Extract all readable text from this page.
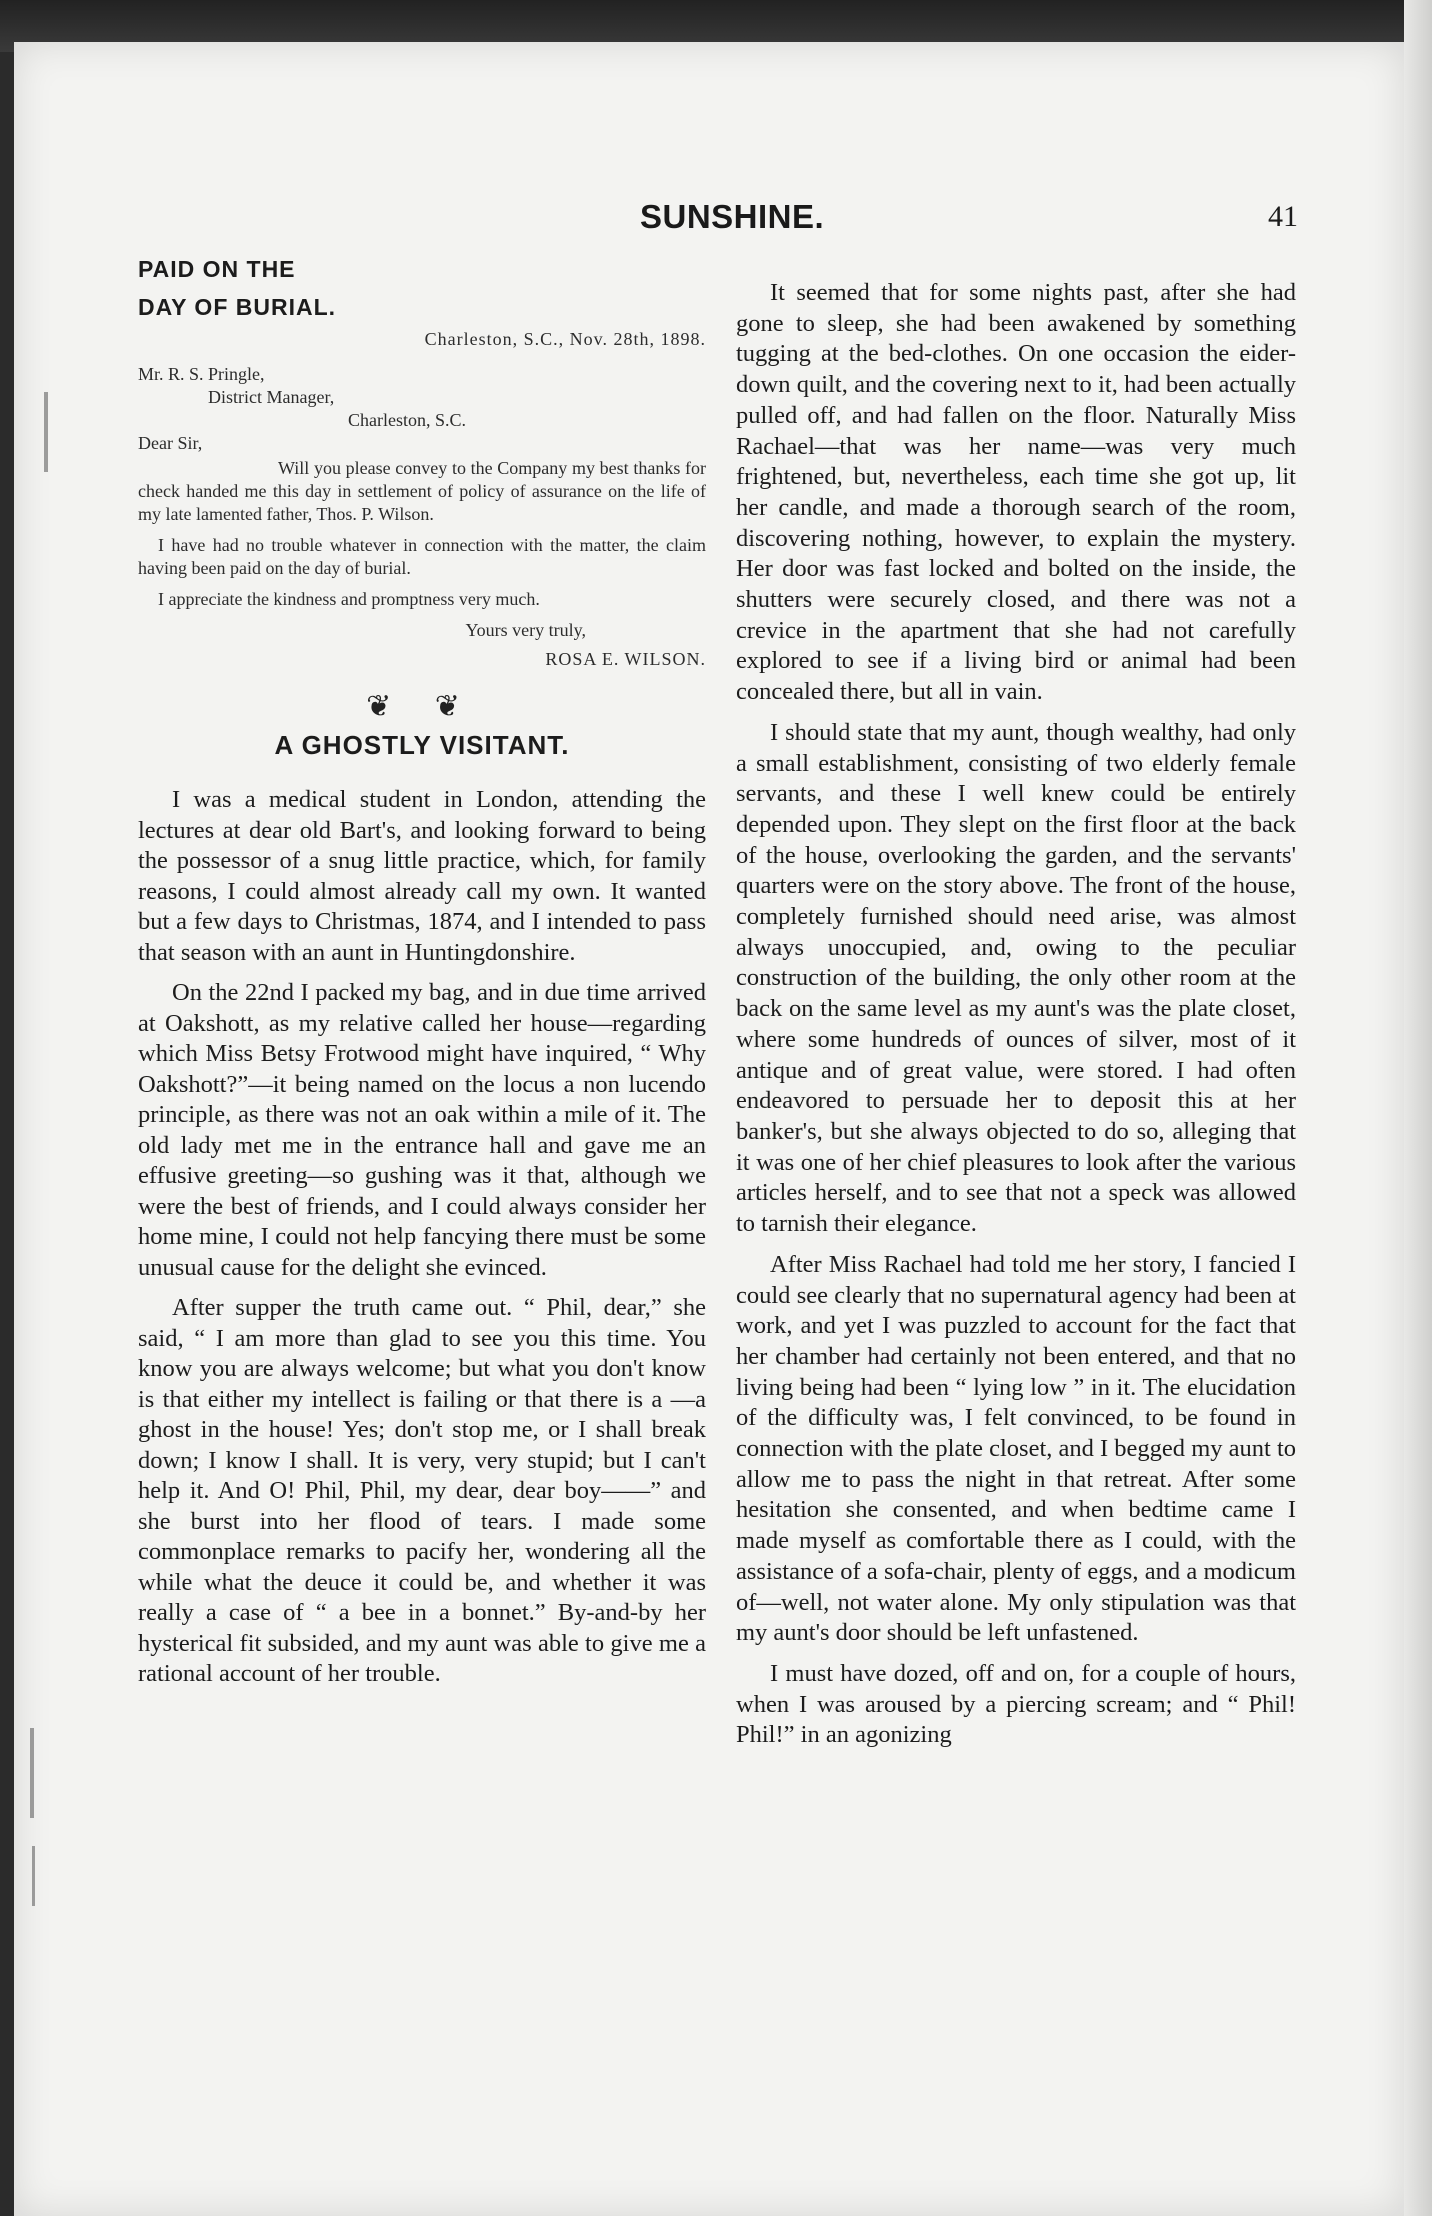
SUNSHINE.	41
PAID ON THE
DAY OF BURIAL.
Charleston, S.C., Nov. 28th, 1898.
Mr. R. S. Pringle,
District Manager,
Charleston, S.C.
Dear Sir,

Will you please convey to the Company my best thanks for check handed me this day in settlement of policy of assurance on the life of my late lamented father, Thos. P. Wilson.

I have had no trouble whatever in connection with the matter, the claim having been paid on the day of burial.

I appreciate the kindness and promptness very much.

Yours very truly,

ROSA E. WILSON.

❦ ❦
A GHOSTLY VISITANT.

I was a medical student in London, attending the lectures at dear old Bart's, and looking forward to being the possessor of a snug little practice, which, for family reasons, I could almost already call my own. It wanted but a few days to Christmas, 1874, and I intended to pass that season with an aunt in Huntingdonshire.

On the 22nd I packed my bag, and in due time arrived at Oakshott, as my relative called her house—regarding which Miss Betsy Frotwood might have inquired, “ Why Oakshott?”—it being named on the locus a non lucendo principle, as there was not an oak within a mile of it. The old lady met me in the entrance hall and gave me an effusive greeting—so gushing was it that, although we were the best of friends, and I could always consider her home mine, I could not help fancying there must be some unusual cause for the delight she evinced.

After supper the truth came out. “ Phil, dear,” she said, “ I am more than glad to see you this time. You know you are always welcome; but what you don't know is that either my intellect is failing or that there is a —a ghost in the house! Yes; don't stop me, or I shall break down; I know I shall. It is very, very stupid; but I can't help it. And O! Phil, Phil, my dear, dear boy——” and she burst into her flood of tears. I made some commonplace remarks to pacify her, wondering all the while what the deuce it could be, and whether it was really a case of “ a bee in a bonnet.” By-and-by her hysterical fit subsided, and my aunt was able to give me a rational account of her trouble.

It seemed that for some nights past, after she had gone to sleep, she had been awakened by something tugging at the bed-clothes. On one occasion the eider-down quilt, and the covering next to it, had been actually pulled off, and had fallen on the floor. Naturally Miss Rachael—that was her name—was very much frightened, but, nevertheless, each time she got up, lit her candle, and made a thorough search of the room, discovering nothing, however, to explain the mystery. Her door was fast locked and bolted on the inside, the shutters were securely closed, and there was not a crevice in the apartment that she had not carefully explored to see if a living bird or animal had been concealed there, but all in vain.

I should state that my aunt, though wealthy, had only a small establishment, consisting of two elderly female servants, and these I well knew could be entirely depended upon. They slept on the first floor at the back of the house, overlooking the garden, and the servants' quarters were on the story above. The front of the house, completely furnished should need arise, was almost always unoccupied, and, owing to the peculiar construction of the building, the only other room at the back on the same level as my aunt's was the plate closet, where some hundreds of ounces of silver, most of it antique and of great value, were stored. I had often endeavored to persuade her to deposit this at her banker's, but she always objected to do so, alleging that it was one of her chief pleasures to look after the various articles herself, and to see that not a speck was allowed to tarnish their elegance.

After Miss Rachael had told me her story, I fancied I could see clearly that no supernatural agency had been at work, and yet I was puzzled to account for the fact that her chamber had certainly not been entered, and that no living being had been “ lying low ” in it. The elucidation of the difficulty was, I felt convinced, to be found in connection with the plate closet, and I begged my aunt to allow me to pass the night in that retreat. After some hesitation she consented, and when bedtime came I made myself as comfortable there as I could, with the assistance of a sofa-chair, plenty of eggs, and a modicum of—well, not water alone. My only stipulation was that my aunt's door should be left unfastened.

I must have dozed, off and on, for a couple of hours, when I was aroused by a piercing scream; and “ Phil! Phil!” in an agonizing
